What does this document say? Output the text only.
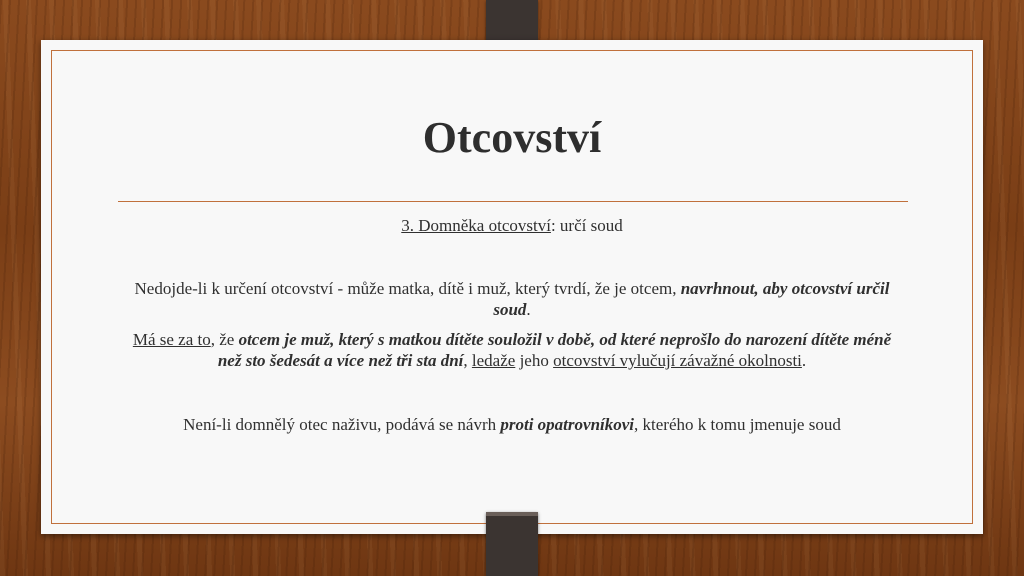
Otcovství

3. Domněka otcovství: určí soud

Nedojde-li k určení otcovství - může matka, dítě i muž, který tvrdí, že je otcem, navrhnout, aby otcovství určil soud.

Má se za to, že otcem je muž, který s matkou dítěte souložil v době, od které neprošlo do narození dítěte méně než sto šedesát a více než tři sta dní, ledaže jeho otcovství vylučují závažné okolnosti.

Není-li domnělý otec naživu, podává se návrh proti opatrovníkovi, kterého k tomu jmenuje soud
